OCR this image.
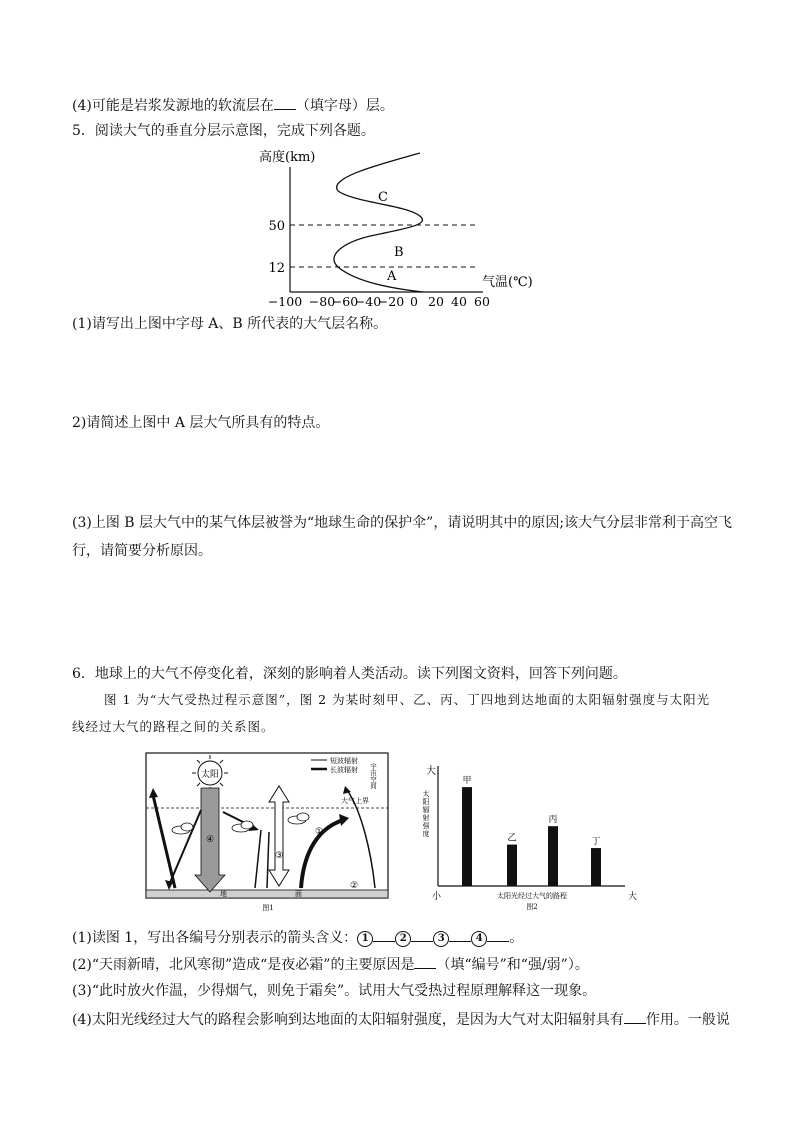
(4)可能是岩浆发源地的软流层在 （填字母）层。
5．阅读大气的垂直分层示意图，完成下列各题。
高度(km)
50
12
A
B
C
气温(℃)
−100 −80
−60
−40
−20 0 20 40 60
(1)请写出上图中字母 A、B 所代表的大气层名称。
2)请简述上图中 A 层大气所具有的特点。
(3)上图 B 层大气中的某气体层被誉为“地球生命的保护伞”，请说明其中的原因;该大气分层非常利于高空飞
行，请简要分析原因。
6．地球上的大气不停变化着，深刻的影响着人类活动。读下列图文资料，回答下列问题。
图 1 为“大气受热过程示意图”，图 2 为某时刻甲、乙、丙、丁四地到达地面的太阳辐射强度与太阳光
线经过大气的路程之间的关系图。
太阳
④
③
①
②
短波辐射
长波辐射 宇宙空间
大气上界
地	面
图1
大
太阳辐射强度
甲
乙
丙
丁
小	大
太阳光经过大气的路程
图2
(1)读图 1，写出各编号分别表示的箭头含义： 1	2	3	4 。
(2)“天雨新晴，北风寒彻”造成“是夜必霜”的主要原因是 （填“编号”和“强/弱”）。
(3)“此时放火作温，少得烟气，则免于霜矣”。试用大气受热过程原理解释这一现象。
(4)太阳光线经过大气的路程会影响到达地面的太阳辐射强度，是因为大气对太阳辐射具有 作用。一般说
